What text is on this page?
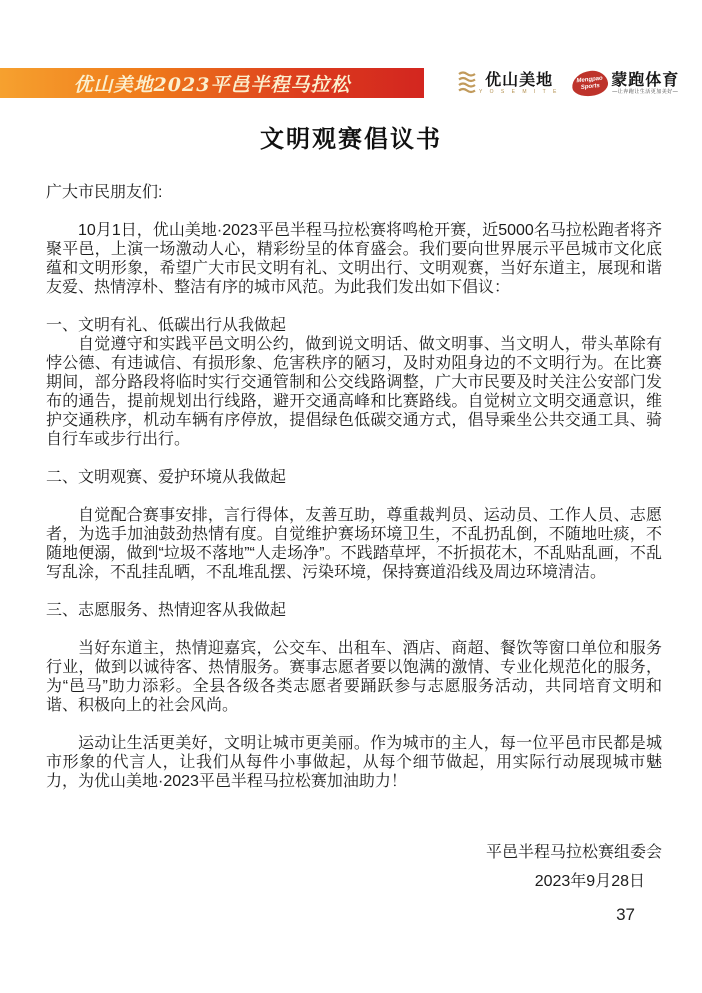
优山美地2023平邑半程马拉松	优山美地
Y O S E M I T E
Mengpao
Sports 蒙跑体育
—让奔跑让生活更加美好—
文明观赛倡议书

广大市民朋友们:

10月1日，优山美地·2023平邑半程马拉松赛将鸣枪开赛，近5000名马拉松跑者将齐聚平邑，上演一场激动人心，精彩纷呈的体育盛会。我们要向世界展示平邑城市文化底蕴和文明形象，希望广大市民文明有礼、文明出行、文明观赛，当好东道主，展现和谐友爱、热情淳朴、整洁有序的城市风范。为此我们发出如下倡议：

一、文明有礼、低碳出行从我做起

自觉遵守和实践平邑文明公约，做到说文明话、做文明事、当文明人，带头革除有悖公德、有违诚信、有损形象、危害秩序的陋习，及时劝阻身边的不文明行为。在比赛期间，部分路段将临时实行交通管制和公交线路调整，广大市民要及时关注公安部门发布的通告，提前规划出行线路，避开交通高峰和比赛路线。自觉树立文明交通意识，维护交通秩序，机动车辆有序停放，提倡绿色低碳交通方式，倡导乘坐公共交通工具、骑自行车或步行出行。

二、文明观赛、爱护环境从我做起

自觉配合赛事安排，言行得体，友善互助，尊重裁判员、运动员、工作人员、志愿者，为选手加油鼓劲热情有度。自觉维护赛场环境卫生，不乱扔乱倒，不随地吐痰，不随地便溺，做到“垃圾不落地”“人走场净”。不践踏草坪，不折损花木，不乱贴乱画，不乱写乱涂，不乱挂乱晒，不乱堆乱摆、污染环境，保持赛道沿线及周边环境清洁。

三、志愿服务、热情迎客从我做起

当好东道主，热情迎嘉宾，公交车、出租车、酒店、商超、餐饮等窗口单位和服务行业，做到以诚待客、热情服务。赛事志愿者要以饱满的激情、专业化规范化的服务，为“邑马”助力添彩。全县各级各类志愿者要踊跃参与志愿服务活动，共同培育文明和谐、积极向上的社会风尚。

运动让生活更美好，文明让城市更美丽。作为城市的主人，每一位平邑市民都是城市形象的代言人，让我们从每件小事做起，从每个细节做起，用实际行动展现城市魅力，为优山美地·2023平邑半程马拉松赛加油助力！

平邑半程马拉松赛组委会

2023年9月28日

37
